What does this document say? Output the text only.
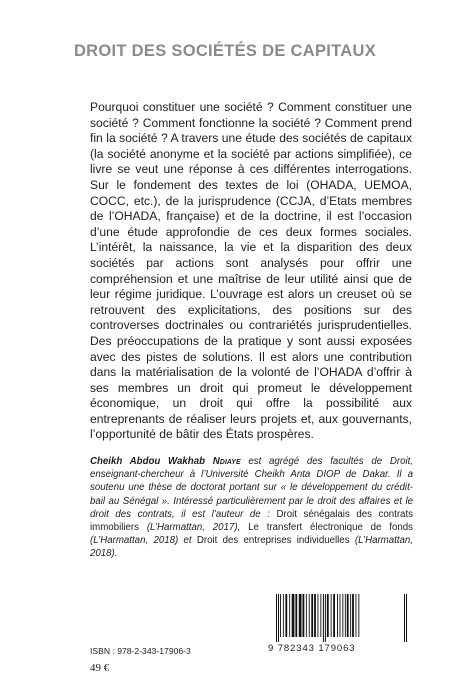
DROIT DES SOCIÉTÉS DE CAPITAUX

Pourquoi constituer une société ? Comment constituer une société ? Comment fonctionne la société ? Comment prend fin la société ? A travers une étude des sociétés de capitaux (la société anonyme et la société par actions simplifiée), ce livre se veut une réponse à ces différentes interrogations. Sur le fondement des textes de loi (OHADA, UEMOA, COCC, etc.), de la jurisprudence (CCJA, d’Etats membres de l’OHADA, française) et de la doctrine, il est l’occasion d’une étude approfondie de ces deux formes sociales. L’intérêt, la naissance, la vie et la disparition des deux sociétés par actions sont analysés pour offrir une compréhension et une maîtrise de leur utilité ainsi que de leur régime juridique. L’ouvrage est alors un creuset où se retrouvent des explicitations, des positions sur des controverses doctrinales ou contrariétés jurisprudentielles. Des préoccupations de la pratique y sont aussi exposées avec des pistes de solutions. Il est alors une contribution dans la matérialisation de la volonté de l’OHADA d’offrir à ses membres un droit qui promeut le développement économique, un droit qui offre la possibilité aux entreprenants de réaliser leurs projets et, aux gouvernants, l’opportunité de bâtir des États prospères.

Cheikh Abdou Wakhab Ndiaye est agrégé des facultés de Droit, enseignant-chercheur à l’Université Cheikh Anta DIOP de Dakar. Il a soutenu une thèse de doctorat portant sur « le développement du crédit-bail au Sénégal ». Intéressé particulièrement par le droit des affaires et le droit des contrats, il est l’auteur de : Droit sénégalais des contrats immobiliers (L’Harmattan, 2017), Le transfert électronique de fonds (L’Harmattan, 2018) et Droit des entreprises individuelles (L’Harmattan, 2018).

9 782343 179063
ISBN : 978-2-343-17906-3
49 €
